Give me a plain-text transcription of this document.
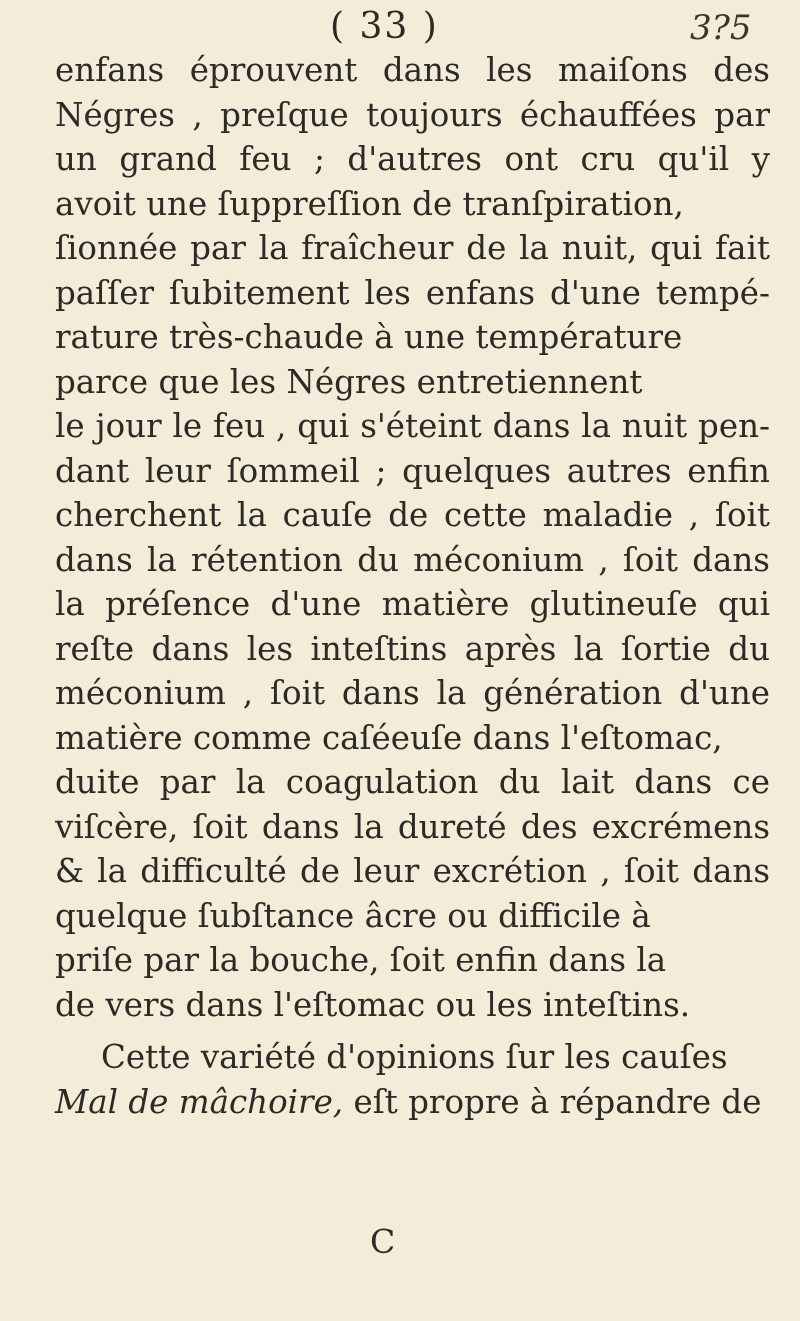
( 33 )	3?5
enfans éprouvent dans les maiſons des
Négres , preſque toujours échauffées par
un grand feu ; d'autres ont cru qu'il y
avoit une ſuppreſſion de tranſpiration,
ſionnée par la fraîcheur de la nuit, qui fait
paſſer ſubitement les enfans d'une tempé-
rature très-chaude à une température
parce que les Négres entretiennent
le jour le feu , qui s'éteint dans la nuit pen-
dant leur ſommeil ; quelques autres enfin
cherchent la cauſe de cette maladie , ſoit
dans la rétention du méconium , ſoit dans
la préſence d'une matière glutineuſe qui
reſte dans les inteſtins après la ſortie du
méconium , ſoit dans la génération d'une
matière comme caſéeuſe dans l'eſtomac,
duite par la coagulation du lait dans ce
viſcère, ſoit dans la dureté des excrémens
& la difficulté de leur excrétion , ſoit dans
quelque ſubſtance âcre ou difficile à
priſe par la bouche, ſoit enfin dans la
de vers dans l'eſtomac ou les inteſtins.
Cette variété d'opinions ſur les cauſes
Mal de mâchoire, eſt propre à répandre de
C
